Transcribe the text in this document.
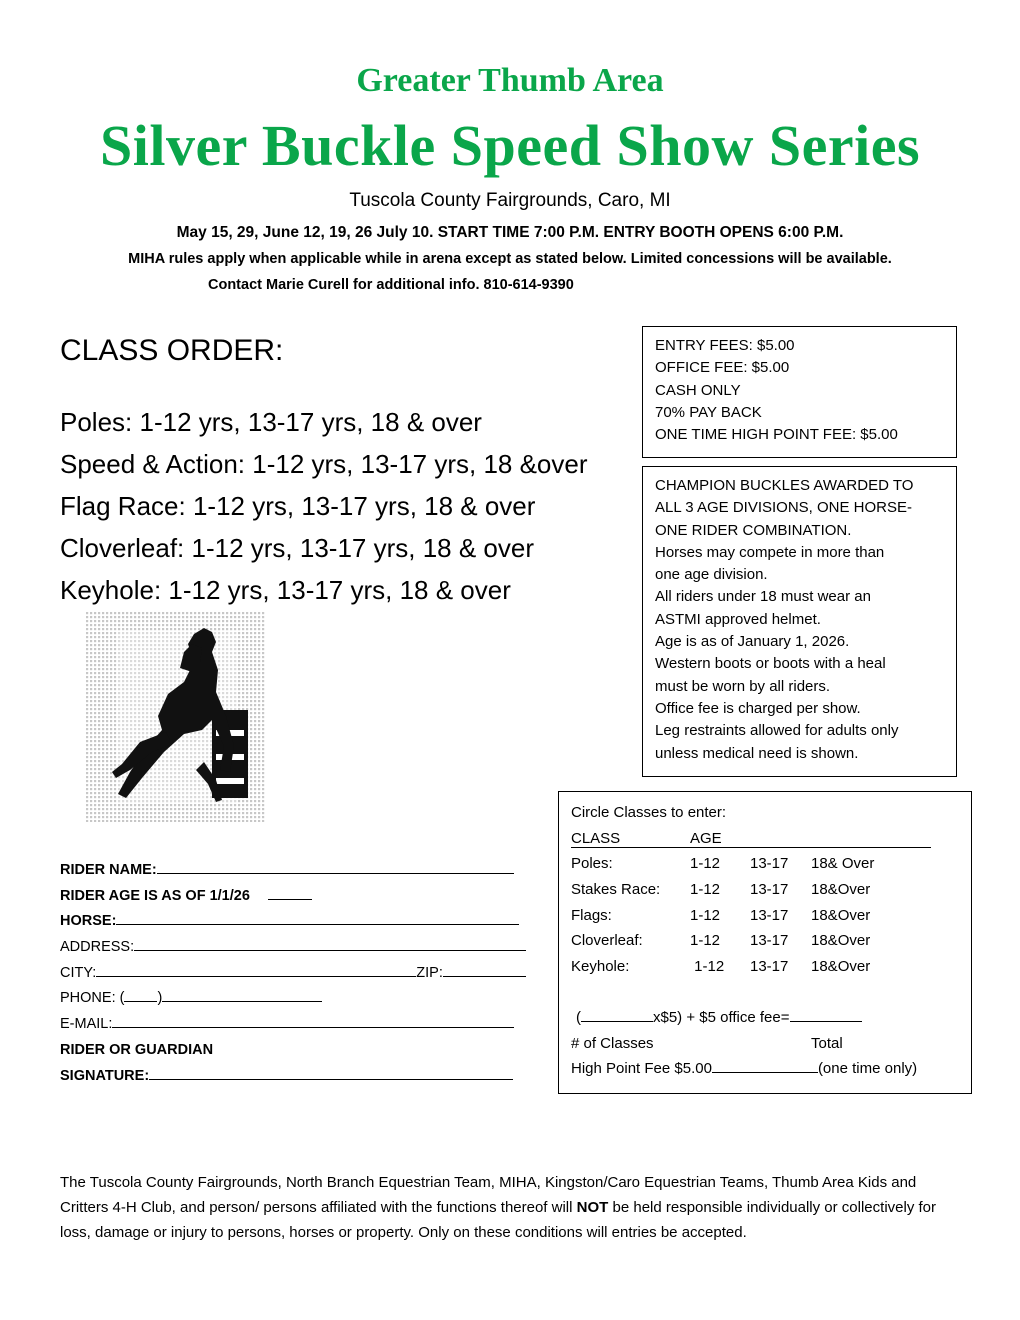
Greater Thumb Area
Silver Buckle Speed Show Series
Tuscola County Fairgrounds, Caro, MI
May 15, 29, June 12, 19, 26 July 10. START TIME 7:00 P.M. ENTRY BOOTH OPENS 6:00 P.M.
MIHA rules apply when applicable while in arena except as stated below. Limited concessions will be available.
Contact Marie Curell for additional info. 810-614-9390
CLASS ORDER:
Poles: 1-12 yrs, 13-17 yrs, 18 & over
Speed & Action: 1-12 yrs, 13-17 yrs, 18 &over
Flag Race: 1-12 yrs, 13-17 yrs, 18 & over
Cloverleaf: 1-12 yrs, 13-17 yrs, 18 & over
Keyhole: 1-12 yrs, 13-17 yrs, 18 & over
ENTRY FEES: $5.00
OFFICE FEE: $5.00
CASH ONLY
70% PAY BACK
ONE TIME HIGH POINT FEE: $5.00
CHAMPION BUCKLES AWARDED TO
ALL 3 AGE DIVISIONS, ONE HORSE-
ONE RIDER COMBINATION.
Horses may compete in more than
one age division.
All riders under 18 must wear an
ASTMI approved helmet.
Age is as of January 1, 2026.
Western boots or boots with a heal
must be worn by all riders.
Office fee is charged per show.
Leg restraints allowed for adults only
unless medical need is shown.
RIDER NAME:
RIDER AGE IS AS OF 1/1/26
HORSE:
ADDRESS:
CITY:	ZIP:
PHONE: ( )
E-MAIL:
RIDER OR GUARDIAN
SIGNATURE:
Circle Classes to enter:
CLASS	AGE
Poles:	1-12 13-17 18& Over
Stakes Race: 1-12 13-17 18&Over
Flags:	1-12 13-17 18&Over
Cloverleaf:	1-12 13-17 18&Over
Keyhole:	1-12 13-17 18&Over
(	x$5) + $5 office fee=
# of Classes	Total
High Point Fee $5.00	(one time only)
The Tuscola County Fairgrounds, North Branch Equestrian Team, MIHA, Kingston/Caro Equestrian Teams, Thumb Area Kids and Critters 4-H Club, and person/ persons affiliated with the functions thereof will NOT be held responsible individually or collectively for loss, damage or injury to persons, horses or property. Only on these conditions will entries be accepted.
